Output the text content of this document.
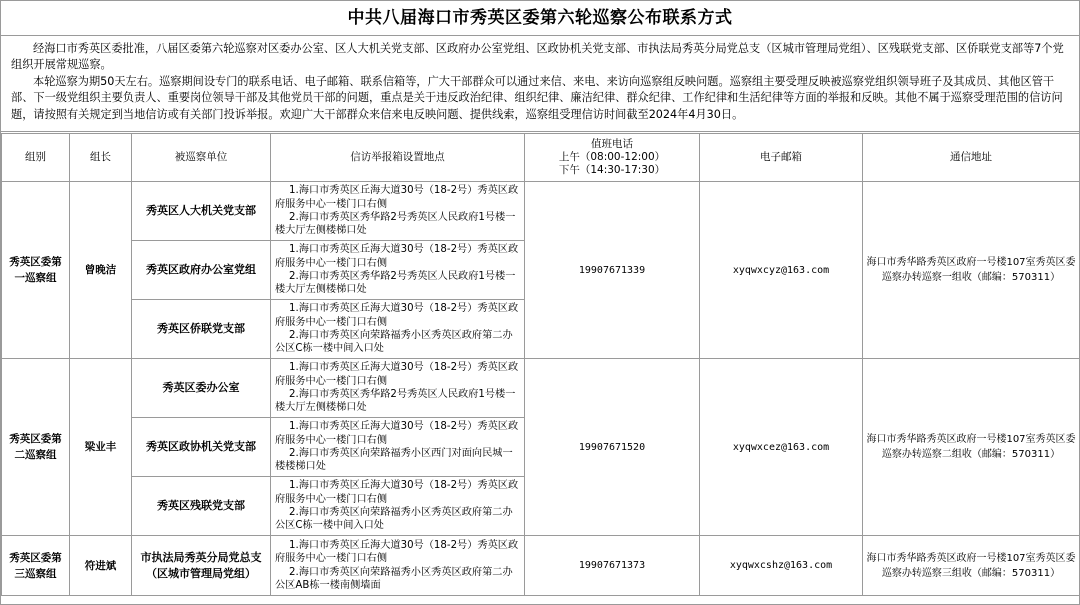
中共八届海口市秀英区委第六轮巡察公布联系方式

经海口市秀英区委批准，八届区委第六轮巡察对区委办公室、区人大机关党支部、区政府办公室党组、区政协机关党支部、市执法局秀英分局党总支（区城市管理局党组）、区残联党支部、区侨联党支部等7个党组织开展常规巡察。

本轮巡察为期50天左右。巡察期间设专门的联系电话、电子邮箱、联系信箱等，广大干部群众可以通过来信、来电、来访向巡察组反映问题。巡察组主要受理反映被巡察党组织领导班子及其成员、其他区管干部、下一级党组织主要负责人、重要岗位领导干部及其他党员干部的问题，重点是关于违反政治纪律、组织纪律、廉洁纪律、群众纪律、工作纪律和生活纪律等方面的举报和反映。其他不属于巡察受理范围的信访问题，请按照有关规定到当地信访或有关部门投诉举报。欢迎广大干部群众来信来电反映问题、提供线索，巡察组受理信访时间截至2024年4月30日。

组别	组长	被巡察单位	信访举报箱设置地点	值班电话
上午（08:00-12:00）
下午（14:30-17:30）	电子邮箱	通信地址
秀英区委第一巡察组	曾晚洁	秀英区人大机关党支部	1.海口市秀英区丘海大道30号（18-2号）秀英区政府服务中心一楼门口右侧
2.海口市秀英区秀华路2号秀英区人民政府1号楼一楼大厅左侧楼梯口处	19907671339	xyqwxcyz@163.com	海口市秀华路秀英区政府一号楼107室秀英区委巡察办转巡察一组收（邮编：570311）
		秀英区政府办公室党组	1.海口市秀英区丘海大道30号（18-2号）秀英区政府服务中心一楼门口右侧
2.海口市秀英区秀华路2号秀英区人民政府1号楼一楼大厅左侧楼梯口处			

		秀英区侨联党支部	1.海口市秀英区丘海大道30号（18-2号）秀英区政府服务中心一楼门口右侧
2.海口市秀英区向荣路福秀小区秀英区政府第二办公区C栋一楼中间入口处			

秀英区委第二巡察组	梁业丰	秀英区委办公室	1.海口市秀英区丘海大道30号（18-2号）秀英区政府服务中心一楼门口右侧
2.海口市秀英区秀华路2号秀英区人民政府1号楼一楼大厅左侧楼梯口处	19907671520	xyqwxcez@163.com	海口市秀华路秀英区政府一号楼107室秀英区委巡察办转巡察二组收（邮编：570311）
		秀英区政协机关党支部	1.海口市秀英区丘海大道30号（18-2号）秀英区政府服务中心一楼门口右侧
2.海口市秀英区向荣路福秀小区西门对面向民城一楼楼梯口处			

		秀英区残联党支部	1.海口市秀英区丘海大道30号（18-2号）秀英区政府服务中心一楼门口右侧
2.海口市秀英区向荣路福秀小区秀英区政府第二办公区C栋一楼中间入口处			

秀英区委第三巡察组	符进斌	市执法局秀英分局党总支（区城市管理局党组）	1.海口市秀英区丘海大道30号（18-2号）秀英区政府服务中心一楼门口右侧
2.海口市秀英区向荣路福秀小区秀英区政府第二办公区AB栋一楼南侧墙面	19907671373	xyqwxcshz@163.com	海口市秀华路秀英区政府一号楼107室秀英区委巡察办转巡察三组收（邮编：570311）
